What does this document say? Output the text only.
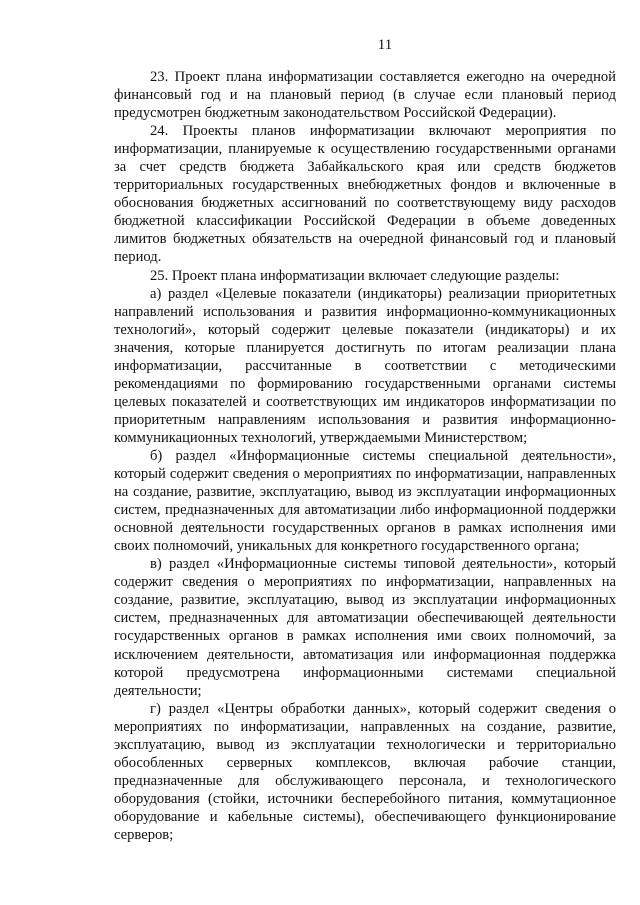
11

23. Проект плана информатизации составляется ежегодно на очередной финансовый год и на плановый период (в случае если плановый период предусмотрен бюджетным законодательством Российской Федерации).

24. Проекты планов информатизации включают мероприятия по информатизации, планируемые к осуществлению государственными органами за счет средств бюджета Забайкальского края или средств бюджетов территориальных государственных внебюджетных фондов и включенные в обоснования бюджетных ассигнований по соответствующему виду расходов бюджетной классификации Российской Федерации в объеме доведенных лимитов бюджетных обязательств на очередной финансовый год и плановый период.

25. Проект плана информатизации включает следующие разделы:

а) раздел «Целевые показатели (индикаторы) реализации приоритетных направлений использования и развития информационно-коммуникационных технологий», который содержит целевые показатели (индикаторы) и их значения, которые планируется достигнуть по итогам реализации плана информатизации, рассчитанные в соответствии с методическими рекомендациями по формированию государственными органами системы целевых показателей и соответствующих им индикаторов информатизации по приоритетным направлениям использования и развития информационно-коммуникационных технологий, утверждаемыми Министерством;

б) раздел «Информационные системы специальной деятельности», который содержит сведения о мероприятиях по информатизации, направленных на создание, развитие, эксплуатацию, вывод из эксплуатации информационных систем, предназначенных для автоматизации либо информационной поддержки основной деятельности государственных органов в рамках исполнения ими своих полномочий, уникальных для конкретного государственного органа;

в) раздел «Информационные системы типовой деятельности», который содержит сведения о мероприятиях по информатизации, направленных на создание, развитие, эксплуатацию, вывод из эксплуатации информационных систем, предназначенных для автоматизации обеспечивающей деятельности государственных органов в рамках исполнения ими своих полномочий, за исключением деятельности, автоматизация или информационная поддержка которой предусмотрена информационными системами специальной деятельности;

г) раздел «Центры обработки данных», который содержит сведения о мероприятиях по информатизации, направленных на создание, развитие, эксплуатацию, вывод из эксплуатации технологически и территориально обособленных серверных комплексов, включая рабочие станции, предназначенные для обслуживающего персонала, и технологического оборудования (стойки, источники бесперебойного питания, коммутационное оборудование и кабельные системы), обеспечивающего функционирование серверов;
